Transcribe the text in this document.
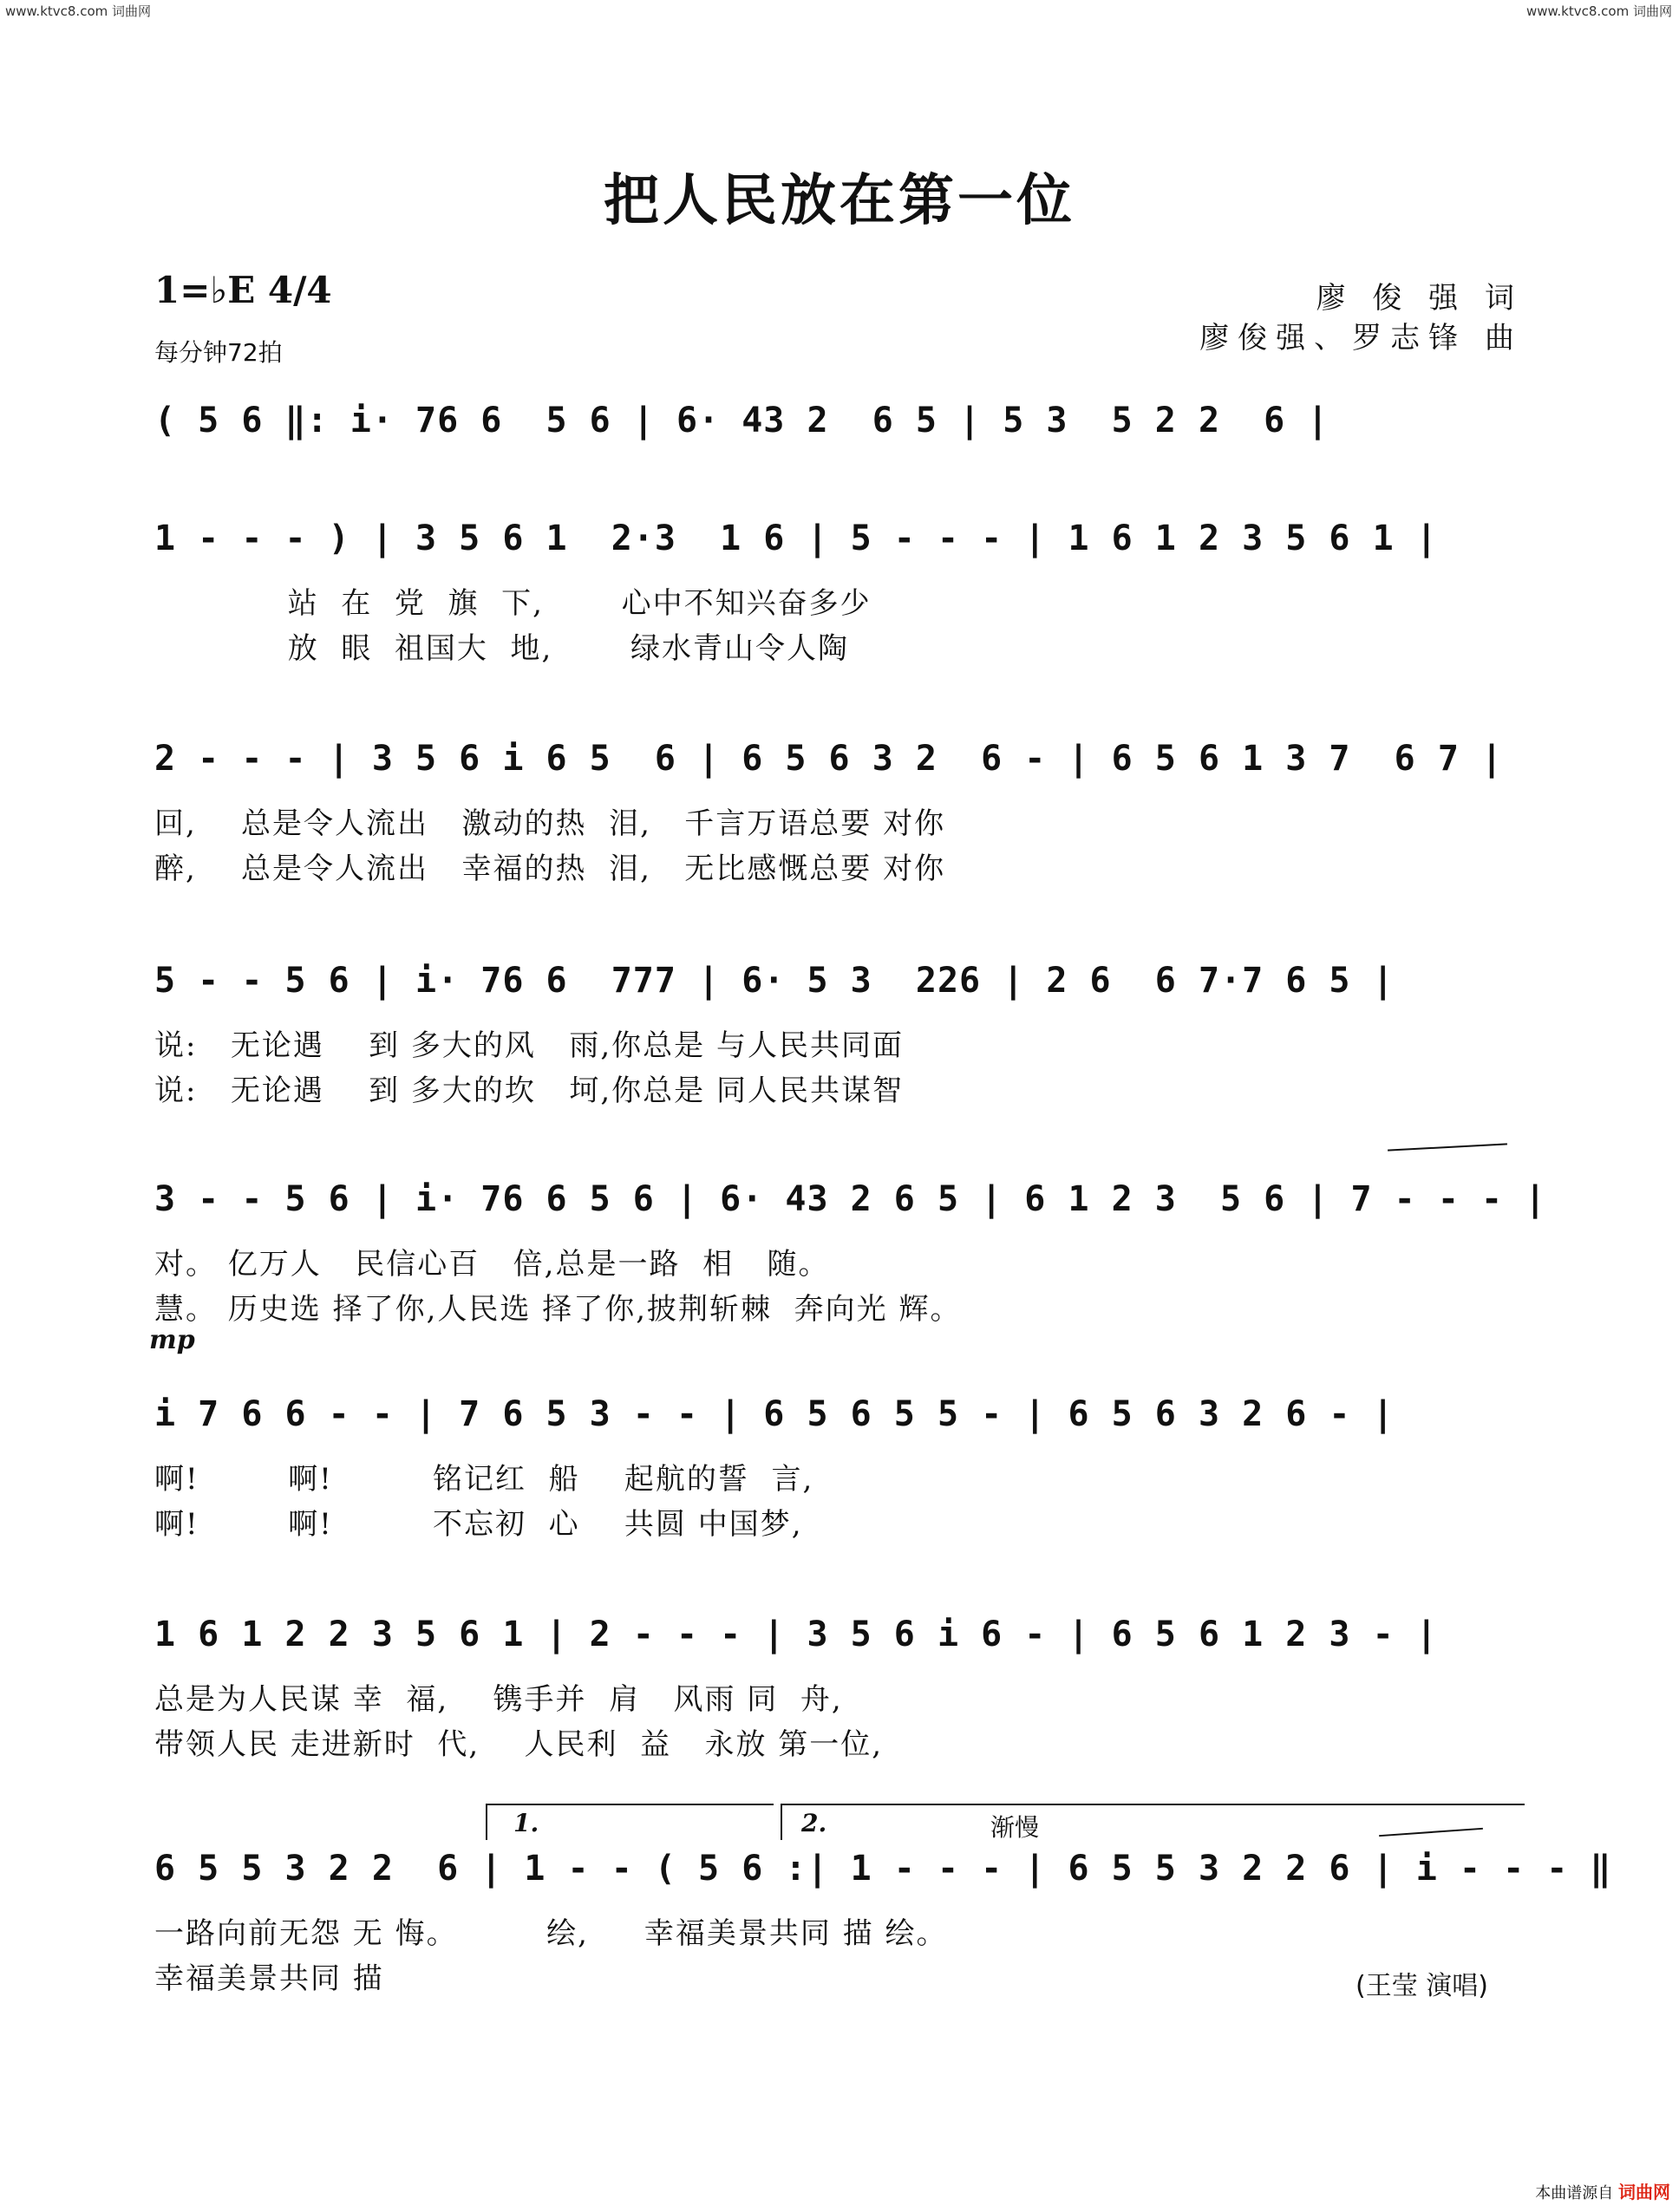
www.ktvc8.com 词曲网	www.ktvc8.com 词曲网
把人民放在第一位
1=♭E 4/4
每分钟72拍
廖 俊 强 词
廖俊强、罗志锋 曲
( 5 6 ‖: i· 76 6  5 6 | 6· 43 2  6 5 | 5 3  5 2 2  6 |
1 - - - ) | 3 5 6 1  2·3  1 6 | 5 - - - | 1 6 1 2 3 5 6 1 |
站  在  党  旗  下,       心中不知兴奋多少
放  眼  祖国大  地,       绿水青山令人陶
2 - - - | 3 5 6 i 6 5  6 | 6 5 6 3 2  6 - | 6 5 6 1 3 7  6 7 |
回,    总是令人流出   激动的热  泪,   千言万语总要 对你
醉,    总是令人流出   幸福的热  泪,   无比感慨总要 对你
5 - - 5 6 | i· 76 6  777 | 6· 5 3  226 | 2 6  6 7·7 6 5 |
说:   无论遇    到 多大的风   雨,你总是 与人民共同面
说:   无论遇    到 多大的坎   坷,你总是 同人民共谋智
3 - - 5 6 | i· 76 6 5 6 | 6· 43 2 6 5 | 6 1 2 3  5 6 | 7 - - - |
对。 亿万人   民信心百   倍,总是一路  相   随。
慧。 历史选 择了你,人民选 择了你,披荆斩棘  奔向光 辉。
mp
i 7 6 6 - - | 7 6 5 3 - - | 6 5 6 5 5 - | 6 5 6 3 2 6 - |
啊!        啊!         铭记红  船    起航的誓  言,
啊!        啊!         不忘初  心    共圆 中国梦,
1 6 1 2 2 3 5 6 1 | 2 - - - | 3 5 6 i 6 - | 6 5 6 1 2 3 - |
总是为人民谋 幸  福,    镌手并  肩   风雨 同  舟,
带领人民 走进新时  代,    人民利  益   永放 第一位,
1.	2.	渐慢
6 5 5 3 2 2  6 | 1 - - ( 5 6 :| 1 - - - | 6 5 5 3 2 2 6 | i - - - ‖
一路向前无怨 无 悔。        绘,     幸福美景共同 描 绘。
幸福美景共同 描	(王莹 演唱)
本曲谱源自 词曲网
